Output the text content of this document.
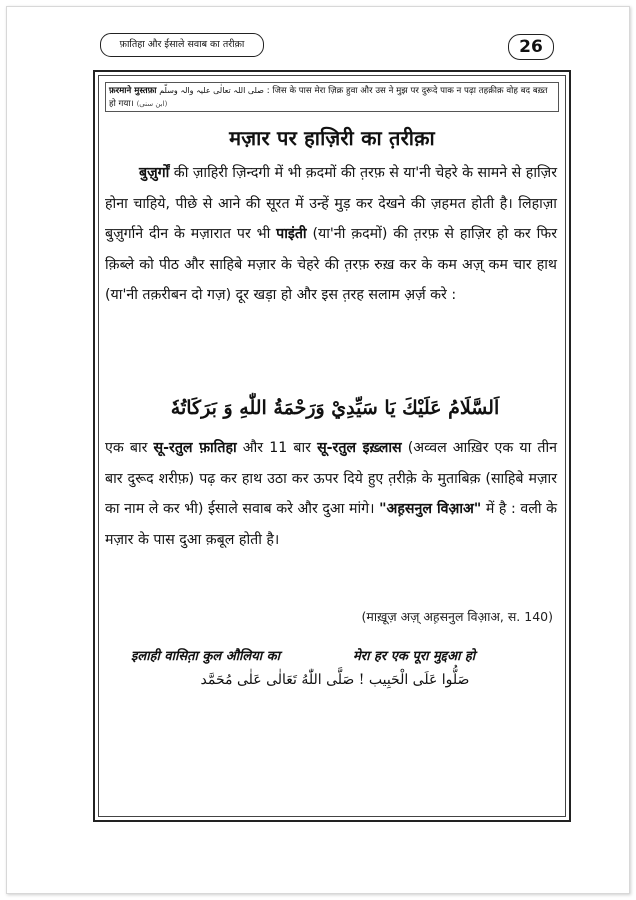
फ़ातिहा और ईसाले सवाब का तरीक़ा	26
फ़रमाने मुस्तफ़ा صلی اللہ تعالٰی علیہ والہ وسلّم : जिस के पास मेरा ज़िक्र हुवा और उस ने मुझ पर दुरूदे पाक न पढ़ा तहक़ीक़ वोह बद बख़्त हो गया। (ابن سنی)
मज़ार पर हाज़िरी का त़रीक़ा
बुज़ुर्गों की ज़ाहिरी ज़िन्दगी में भी क़दमों की त़रफ़ से या'नी चेहरे के सामने से हाज़िर होना चाहिये, पीछे से आने की सूरत में उन्हें मुड़ कर देखने की ज़हमत होती है। लिहाज़ा बुज़ुर्गाने दीन के मज़ारात पर भी पाइंती (या'नी क़दमों) की त़रफ़ से हाज़िर हो कर फिर क़िब्ले को पीठ और साहिबे मज़ार के चेहरे की त़रफ़ रुख़ कर के कम अज़् कम चार हाथ (या'नी तक़रीबन दो गज़) दूर खड़ा हो और इस त़रह सलाम अ़र्ज़ करे :
اَلسَّلَامُ عَلَيْكَ يَا سَيِّدِيْ وَرَحْمَةُ اللّٰهِ وَ بَرَكَاتُهٗ
एक बार सू-रतुल फ़ातिहा और 11 बार सू-रतुल इख़्लास (अव्वल आख़िर एक या तीन बार दुरूद शरीफ़) पढ़ कर हाथ उठा कर ऊपर दिये हुए त़रीक़े के मुताबिक़ (साहिबे मज़ार का नाम ले कर भी) ईसाले सवाब करे और दुआ मांगे। "अह़सनुल विआ़अ" में है : वली के मज़ार के पास दुआ क़बूल होती है।
(माख़ूज़ अज़् अह़सनुल विआ़अ, स. 140)
इलाही वासित़ा कुल औलिया का	मेरा हर एक पूरा मुद्दआ हो
صَلُّوا عَلَى الْحَبِيب ! صَلَّى اللّٰهُ تَعَالٰى عَلٰى مُحَمَّد
